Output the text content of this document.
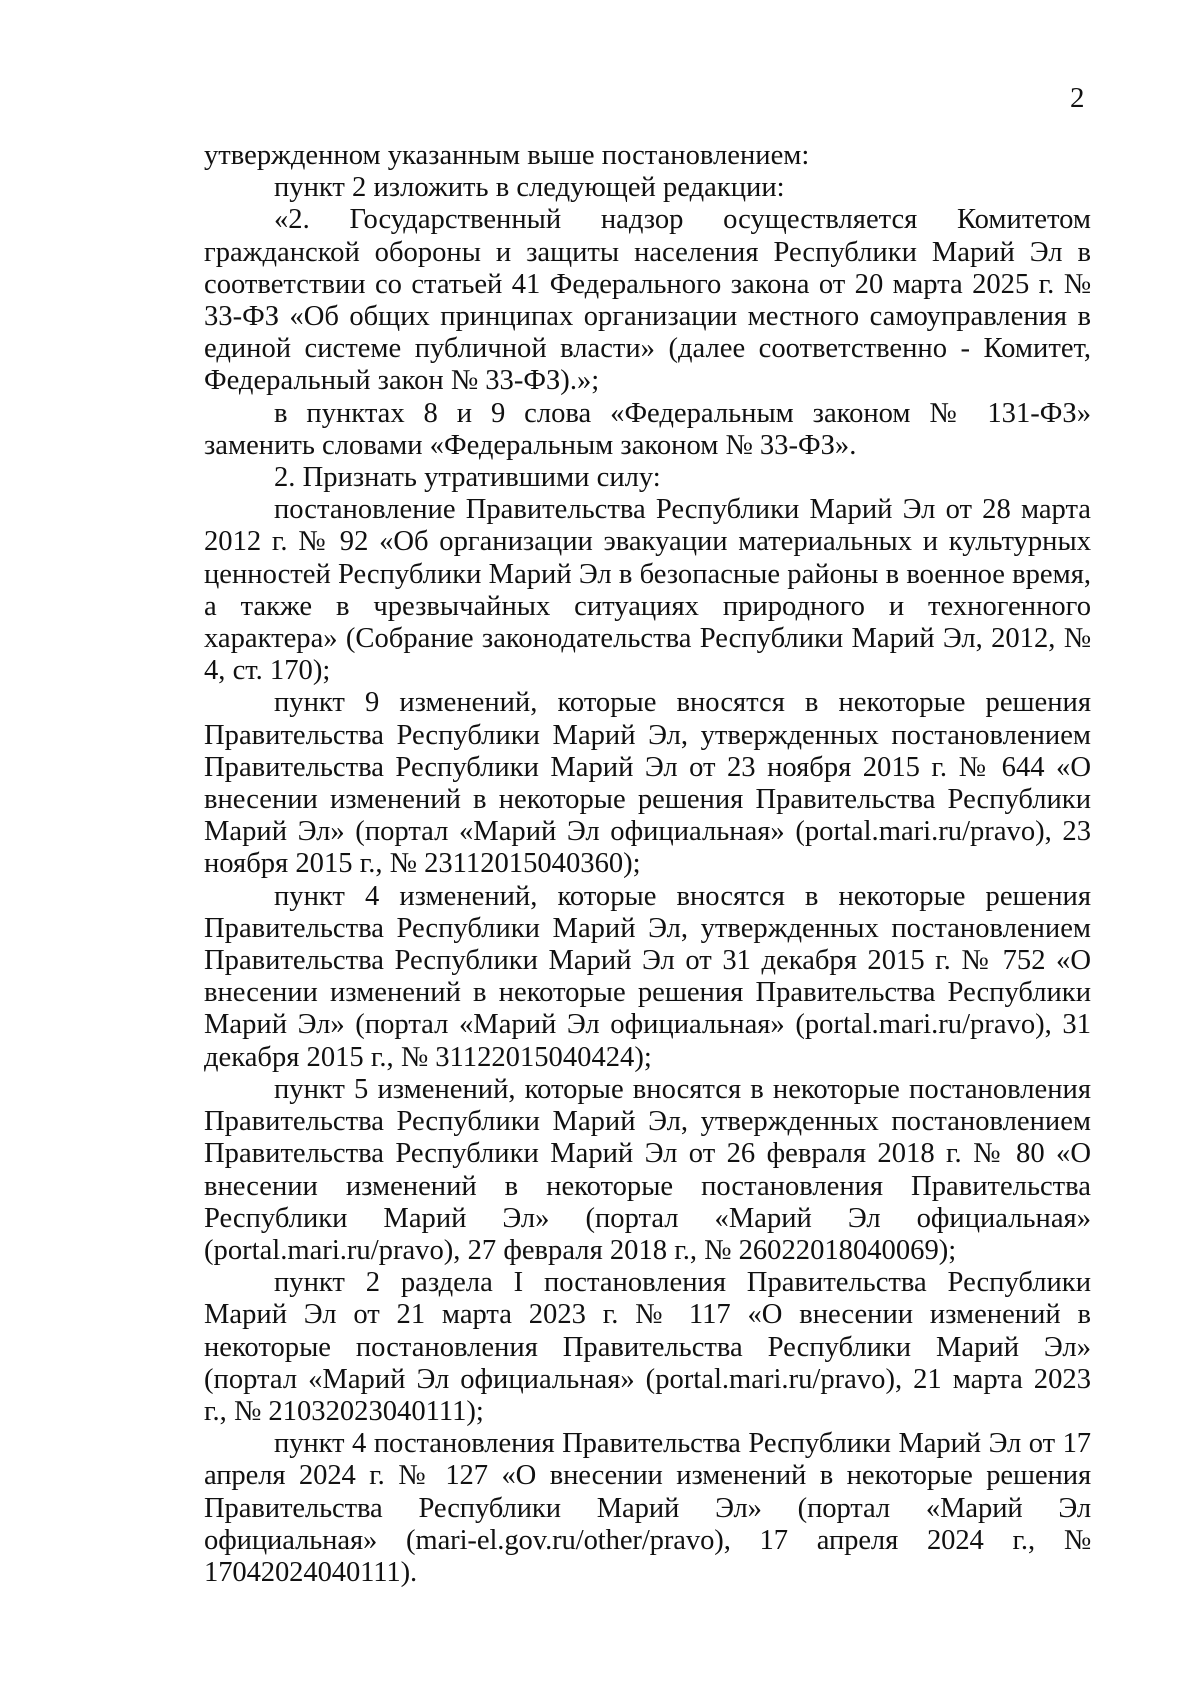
2

утвержденном указанным выше постановлением:

пункт 2 изложить в следующей редакции:

«2. Государственный надзор осуществляется Комитетом гражданской обороны и защиты населения Республики Марий Эл в соответствии со статьей 41 Федерального закона от 20 марта 2025 г. № 33-ФЗ «Об общих принципах организации местного самоуправления в единой системе публичной власти» (далее соответственно - Комитет, Федеральный закон № 33-ФЗ).»;

в пунктах 8 и 9 слова «Федеральным законом № 131-ФЗ» заменить словами «Федеральным законом № 33-ФЗ».

2. Признать утратившими силу:

постановление Правительства Республики Марий Эл от 28 марта 2012 г. № 92 «Об организации эвакуации материальных и культурных ценностей Республики Марий Эл в безопасные районы в военное время, а также в чрезвычайных ситуациях природного и техногенного характера» (Собрание законодательства Республики Марий Эл, 2012, № 4, ст. 170);

пункт 9 изменений, которые вносятся в некоторые решения Правительства Республики Марий Эл, утвержденных постановлением Правительства Республики Марий Эл от 23 ноября 2015 г. № 644 «О внесении изменений в некоторые решения Правительства Республики Марий Эл» (портал «Марий Эл официальная» (portal.mari.ru/pravo), 23 ноября 2015 г., № 23112015040360);

пункт 4 изменений, которые вносятся в некоторые решения Правительства Республики Марий Эл, утвержденных постановлением Правительства Республики Марий Эл от 31 декабря 2015 г. № 752 «О внесении изменений в некоторые решения Правительства Республики Марий Эл» (портал «Марий Эл официальная» (portal.mari.ru/pravo), 31 декабря 2015 г., № 31122015040424);

пункт 5 изменений, которые вносятся в некоторые постановления Правительства Республики Марий Эл, утвержденных постановлением Правительства Республики Марий Эл от 26 февраля 2018 г. № 80 «О внесении изменений в некоторые постановления Правительства Республики Марий Эл» (портал «Марий Эл официальная» (portal.mari.ru/pravo), 27 февраля 2018 г., № 26022018040069);

пункт 2 раздела I постановления Правительства Республики Марий Эл от 21 марта 2023 г. № 117 «О внесении изменений в некоторые постановления Правительства Республики Марий Эл» (портал «Марий Эл официальная» (portal.mari.ru/pravo), 21 марта 2023 г., № 21032023040111);

пункт 4 постановления Правительства Республики Марий Эл от 17 апреля 2024 г. № 127 «О внесении изменений в некоторые решения Правительства Республики Марий Эл» (портал «Марий Эл официальная» (mari-el.gov.ru/other/pravo), 17 апреля 2024 г., № 17042024040111).
